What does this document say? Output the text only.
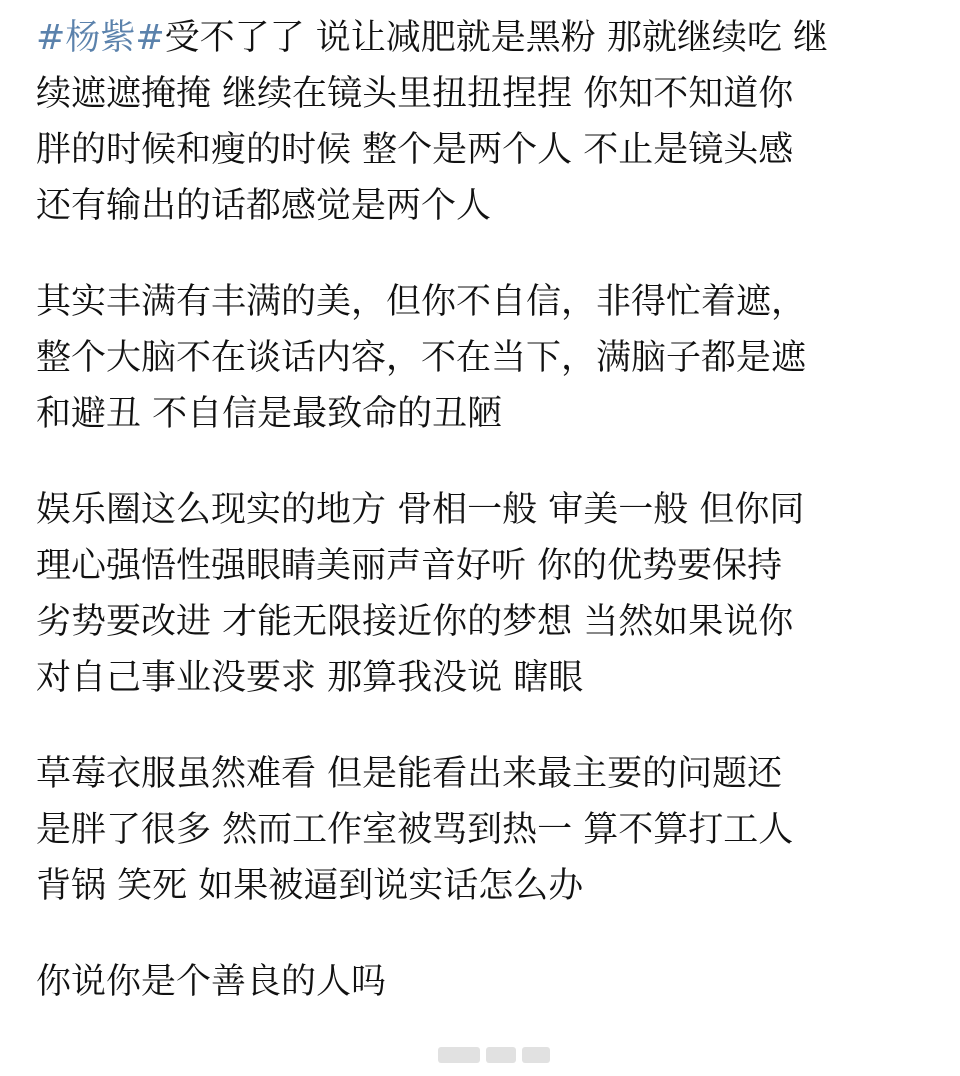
#杨紫#受不了了 说让减肥就是黑粉 那就继续吃 继
续遮遮掩掩 继续在镜头里扭扭捏捏 你知不知道你
胖的时候和瘦的时候 整个是两个人 不止是镜头感
还有输出的话都感觉是两个人
其实丰满有丰满的美，但你不自信，非得忙着遮，
整个大脑不在谈话内容，不在当下，满脑子都是遮
和避丑 不自信是最致命的丑陋
娱乐圈这么现实的地方 骨相一般 审美一般 但你同
理心强悟性强眼睛美丽声音好听 你的优势要保持
劣势要改进 才能无限接近你的梦想 当然如果说你
对自己事业没要求 那算我没说 瞎眼
草莓衣服虽然难看 但是能看出来最主要的问题还
是胖了很多 然而工作室被骂到热一 算不算打工人
背锅 笑死 如果被逼到说实话怎么办
你说你是个善良的人吗
